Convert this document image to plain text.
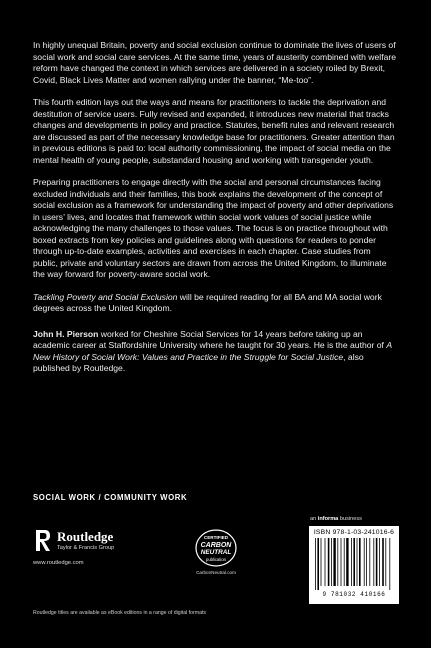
In highly unequal Britain, poverty and social exclusion continue to dominate the lives of users of social work and social care services. At the same time, years of austerity combined with welfare reform have changed the context in which services are delivered in a society roiled by Brexit, Covid, Black Lives Matter and women rallying under the banner, “Me-too”.

This fourth edition lays out the ways and means for practitioners to tackle the deprivation and destitution of service users. Fully revised and expanded, it introduces new material that tracks changes and developments in policy and practice. Statutes, benefit rules and relevant research are discussed as part of the necessary knowledge base for practitioners. Greater attention than in previous editions is paid to: local authority commissioning, the impact of social media on the mental health of young people, substandard housing and working with transgender youth.

Preparing practitioners to engage directly with the social and personal circumstances facing excluded individuals and their families, this book explains the development of the concept of social exclusion as a framework for understanding the impact of poverty and other deprivations in users’ lives, and locates that framework within social work values of social justice while acknowledging the many challenges to those values. The focus is on practice throughout with boxed extracts from key policies and guidelines along with questions for readers to ponder through up-to-date examples, activities and exercises in each chapter. Case studies from public, private and voluntary sectors are drawn from across the United Kingdom, to illuminate the way forward for poverty-aware social work.

Tackling Poverty and Social Exclusion will be required reading for all BA and MA social work degrees across the United Kingdom.

John H. Pierson worked for Cheshire Social Services for 14 years before taking up an academic career at Staffordshire University where he taught for 30 years. He is the author of A New History of Social Work: Values and Practice in the Struggle for Social Justice, also published by Routledge.

SOCIAL WORK / COMMUNITY WORK
Routledge
Taylor & Francis Group
www.routledge.com
CERTIFIED
CARBON
NEUTRAL
publication
CarbonNeutral.com
an informa business
ISBN 978-1-03-241016-6
9 781032 410166
Routledge titles are available as eBook editions in a range of digital formats
